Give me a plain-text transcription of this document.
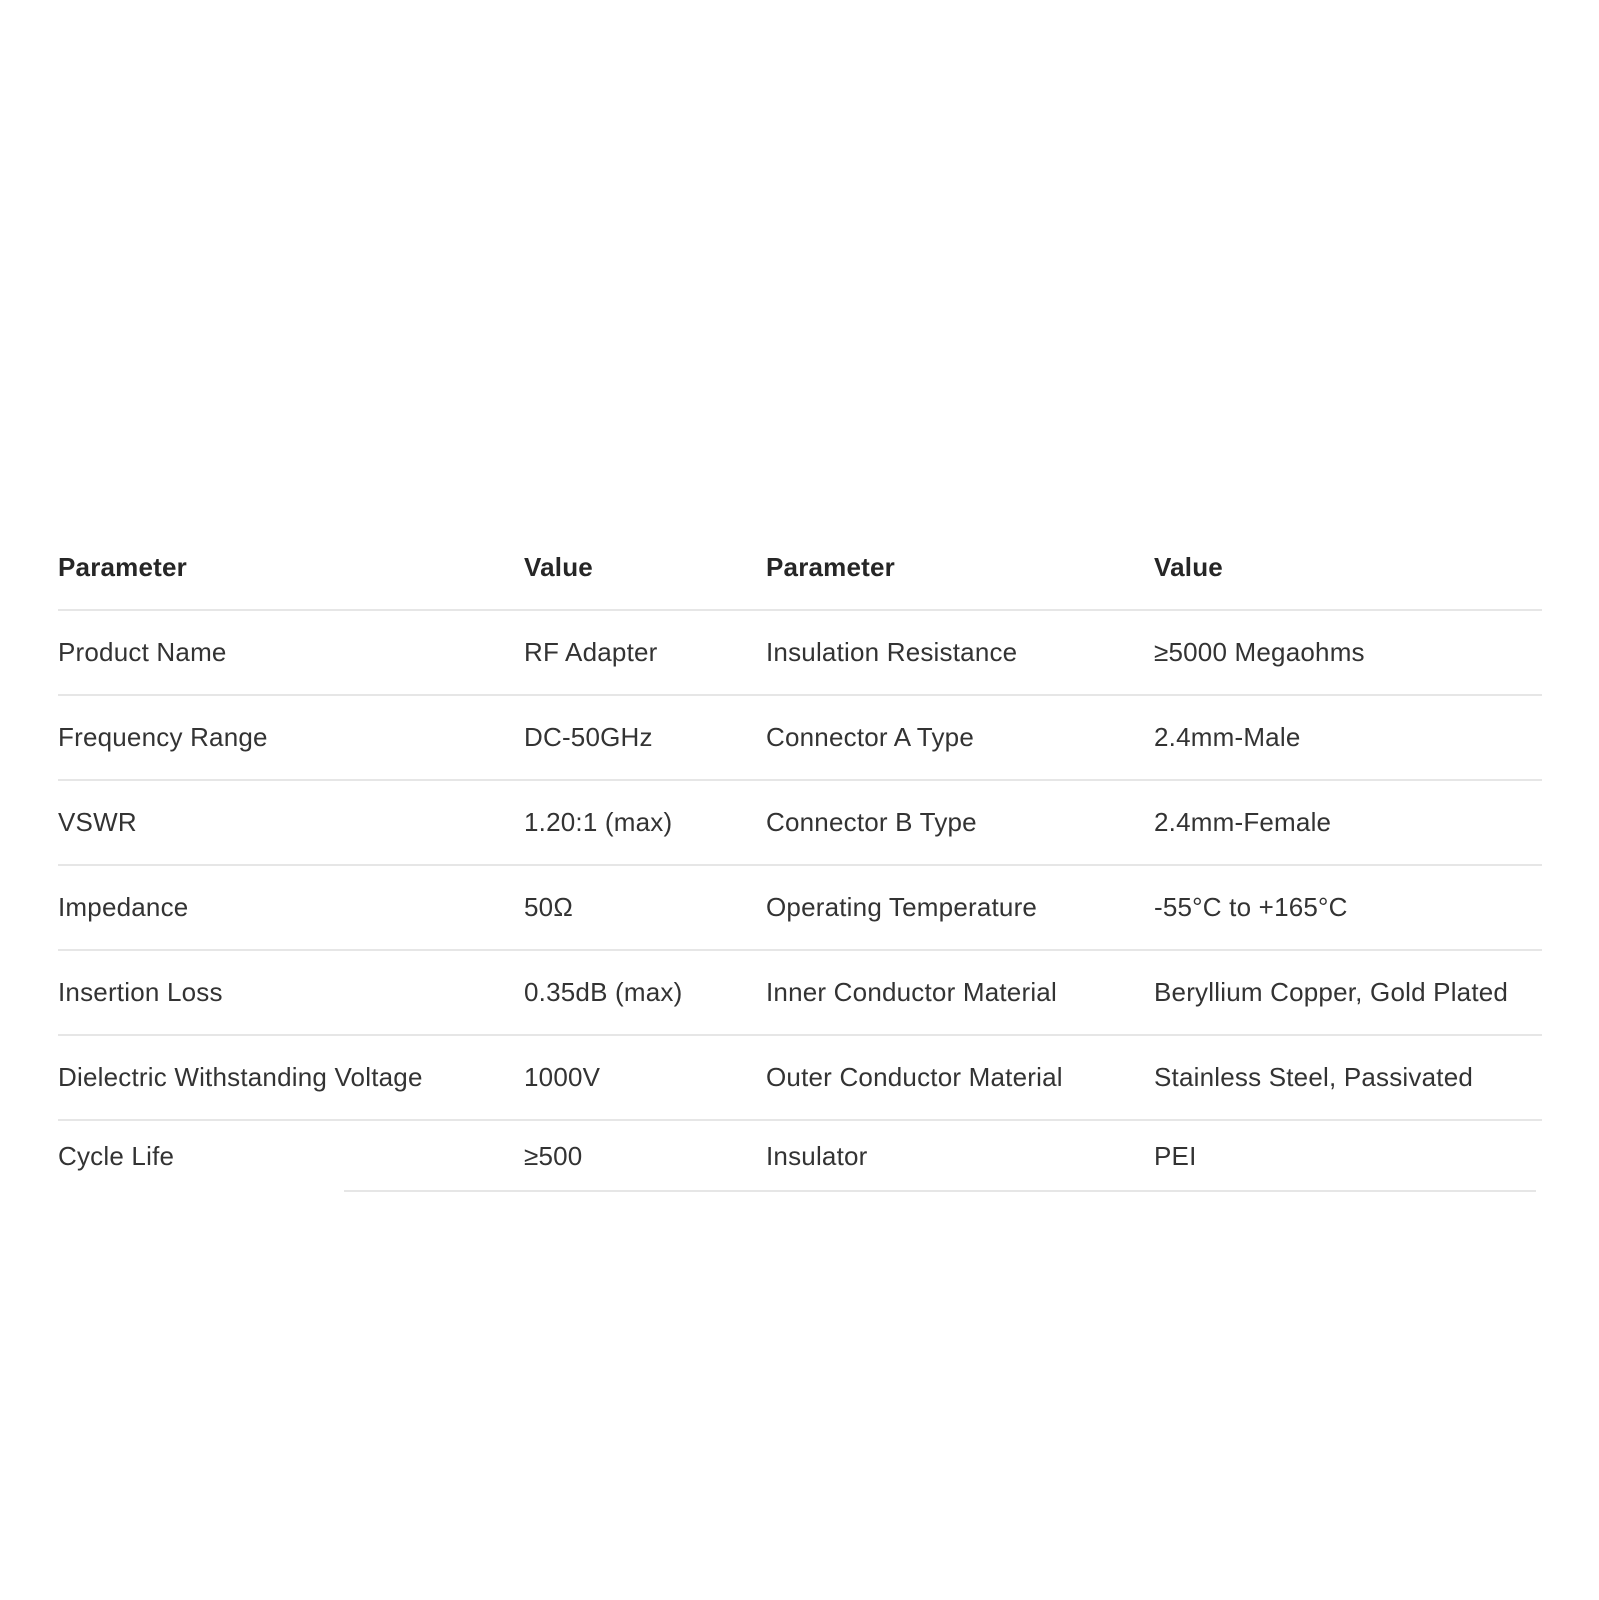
Parameter	Value	Parameter	Value
Product Name	RF Adapter	Insulation Resistance	≥5000 Megaohms
Frequency Range	DC-50GHz	Connector A Type	2.4mm-Male
VSWR	1.20:1 (max)	Connector B Type	2.4mm-Female
Impedance	50Ω	Operating Temperature	-55°C to +165°C
Insertion Loss	0.35dB (max)	Inner Conductor Material	Beryllium Copper, Gold Plated
Dielectric Withstanding Voltage	1000V	Outer Conductor Material	Stainless Steel, Passivated
Cycle Life	≥500	Insulator	PEI
